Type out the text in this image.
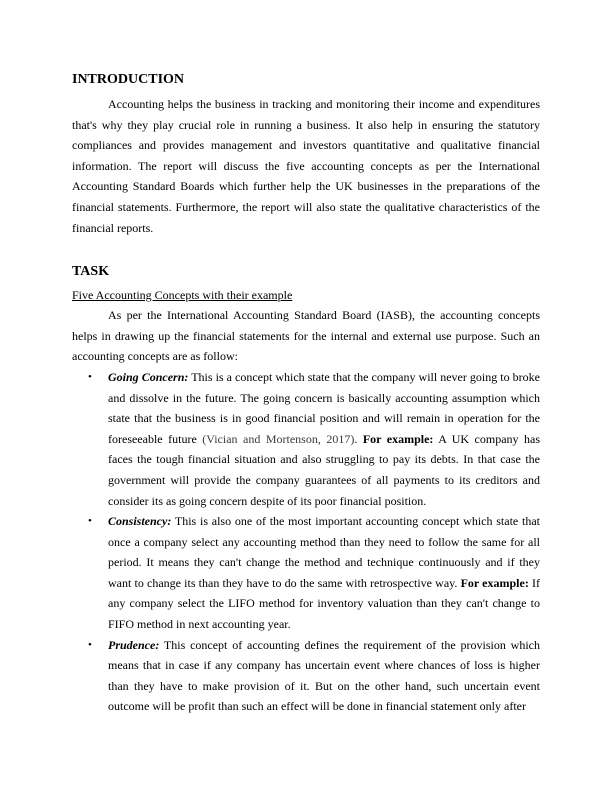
INTRODUCTION

Accounting helps the business in tracking and monitoring their income and expenditures that's why they play crucial role in running a business. It also help in ensuring the statutory compliances and provides management and investors quantitative and qualitative financial information. The report will discuss the five accounting concepts as per the International Accounting Standard Boards which further help the UK businesses in the preparations of the financial statements. Furthermore, the report will also state the qualitative characteristics of the financial reports.

TASK
Five Accounting Concepts with their example

As per the International Accounting Standard Board (IASB), the accounting concepts helps in drawing up the financial statements for the internal and external use purpose. Such an accounting concepts are as follow:

• Going Concern: This is a concept which state that the company will never going to broke and dissolve in the future. The going concern is basically accounting assumption which state that the business is in good financial position and will remain in operation for the foreseeable future (Vician and Mortenson, 2017). For example: A UK company has faces the tough financial situation and also struggling to pay its debts. In that case the government will provide the company guarantees of all payments to its creditors and consider its as going concern despite of its poor financial position.

• Consistency: This is also one of the most important accounting concept which state that once a company select any accounting method than they need to follow the same for all period. It means they can't change the method and technique continuously and if they want to change its than they have to do the same with retrospective way. For example: If any company select the LIFO method for inventory valuation than they can't change to FIFO method in next accounting year.

• Prudence: This concept of accounting defines the requirement of the provision which means that in case if any company has uncertain event where chances of loss is higher than they have to make provision of it. But on the other hand, such uncertain event outcome will be profit than such an effect will be done in financial statement only after
